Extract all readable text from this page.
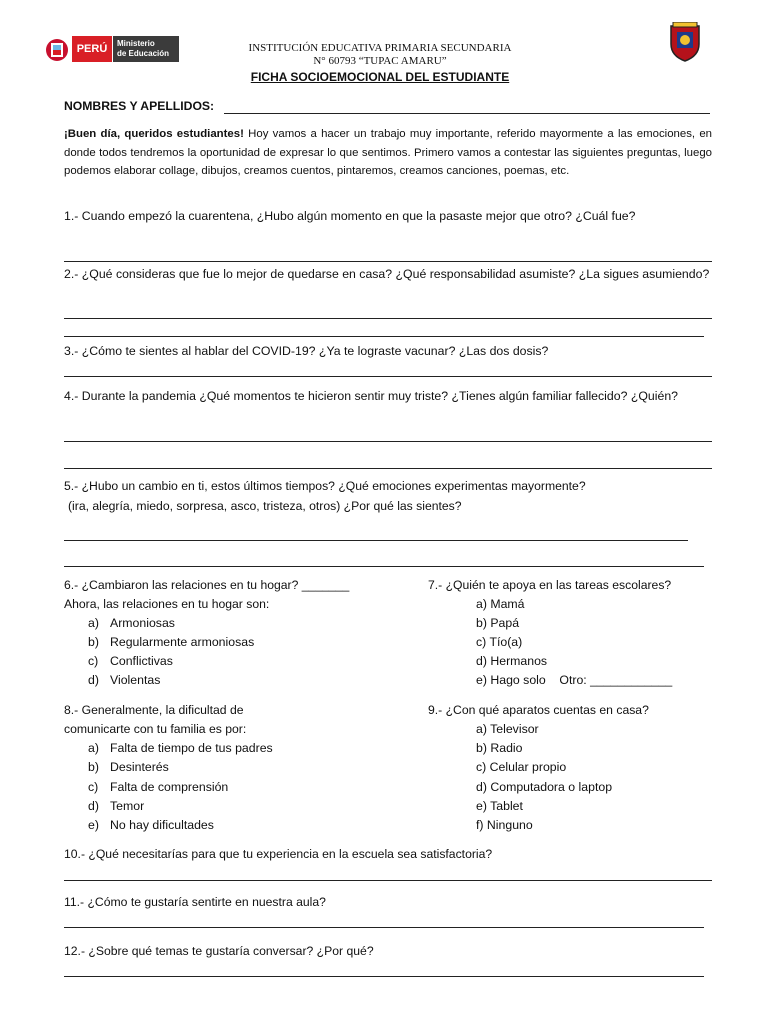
PERÚ	Ministerio
de Educación	INSTITUCIÓN EDUCATIVA PRIMARIA SECUNDARIA
N° 60793 “TUPAC AMARU”
FICHA SOCIOEMOCIONAL DEL ESTUDIANTE
NOMBRES Y APELLIDOS:
¡Buen día, queridos estudiantes! Hoy vamos a hacer un trabajo muy importante, referido mayormente a las emociones, en donde todos tendremos la oportunidad de expresar lo que sentimos. Primero vamos a contestar las siguientes preguntas, luego podemos elaborar collage, dibujos, creamos cuentos, pintaremos, creamos canciones, poemas, etc.
1.- Cuando empezó la cuarentena, ¿Hubo algún momento en que la pasaste mejor que otro? ¿Cuál fue?
2.- ¿Qué consideras que fue lo mejor de quedarse en casa? ¿Qué responsabilidad asumiste? ¿La sigues asumiendo?
3.- ¿Cómo te sientes al hablar del COVID-19? ¿Ya te lograste vacunar? ¿Las dos dosis?
4.- Durante la pandemia ¿Qué momentos te hicieron sentir muy triste? ¿Tienes algún familiar fallecido? ¿Quién?
5.- ¿Hubo un cambio en ti, estos últimos tiempos? ¿Qué emociones experimentas mayormente?
(ira, alegría, miedo, sorpresa, asco, tristeza, otros) ¿Por qué las sientes?
6.- ¿Cambiaron las relaciones en tu hogar? _______
Ahora, las relaciones en tu hogar son:
a) Armoniosas
b) Regularmente armoniosas
c) Conflictivas
d) Violentas
7.- ¿Quién te apoya en las tareas escolares?
a) Mamá
b) Papá
c) Tío(a)
d) Hermanos
e) Hago solo    Otro: ____________
8.- Generalmente, la dificultad de
comunicarte con tu familia es por:
a) Falta de tiempo de tus padres
b) Desinterés
c) Falta de comprensión
d) Temor
e) No hay dificultades
9.- ¿Con qué aparatos cuentas en casa?
a) Televisor
b) Radio
c) Celular propio
d) Computadora o laptop
e) Tablet
f) Ninguno
10.- ¿Qué necesitarías para que tu experiencia en la escuela sea satisfactoria?
11.- ¿Cómo te gustaría sentirte en nuestra aula?
12.- ¿Sobre qué temas te gustaría conversar? ¿Por qué?
